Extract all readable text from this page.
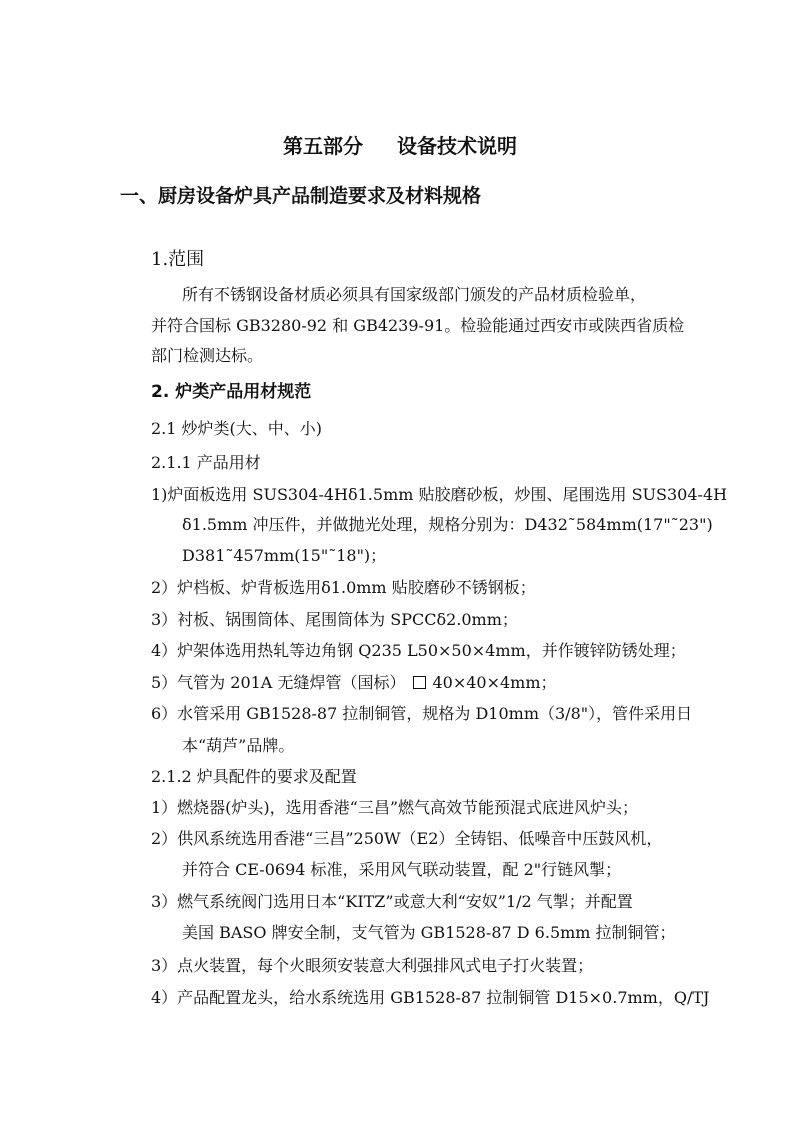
第五部分 设备技术说明
一、厨房设备炉具产品制造要求及材料规格
1.范围
所有不锈钢设备材质必须具有国家级部门颁发的产品材质检验单，
并符合国标 GB3280-92 和 GB4239-91。检验能通过西安市或陕西省质检
部门检测达标。
2. 炉类产品用材规范
2.1 炒炉类(大、中、小)
2.1.1 产品用材
1)炉面板选用 SUS304-4Hδ1.5mm 贴胶磨砂板，炒围、尾围选用 SUS304-4H
δ1.5mm 冲压件，并做抛光处理，规格分别为：D432˜584mm(17"˜23")
D381˜457mm(15"˜18")；
2）炉档板、炉背板选用δ1.0mm 贴胶磨砂不锈钢板；
3）衬板、锅围筒体、尾围筒体为 SPCCδ2.0mm；
4）炉架体选用热轧等边角钢 Q235 L50×50×4mm，并作镀锌防锈处理；
5）气管为 201A 无缝焊管（国标） 40×40×4mm；
6）水管采用 GB1528-87 拉制铜管，规格为 D10mm（3/8"），管件采用日
本“葫芦”品牌。
2.1.2 炉具配件的要求及配置
1）燃烧器(炉头)，选用香港“三昌”燃气高效节能预混式底进风炉头；
2）供风系统选用香港“三昌”250W（E2）全铸铝、低噪音中压鼓风机，
并符合 CE-0694 标准，采用风气联动装置，配 2"行链风掣；
3）燃气系统阀门选用日本“KITZ”或意大利“安奴”1/2 气掣；并配置
美国 BASO 牌安全制，支气管为 GB1528-87 D 6.5mm 拉制铜管；
3）点火装置，每个火眼须安装意大利强排风式电子打火装置；
4）产品配置龙头，给水系统选用 GB1528-87 拉制铜管 D15×0.7mm，Q/TJ
